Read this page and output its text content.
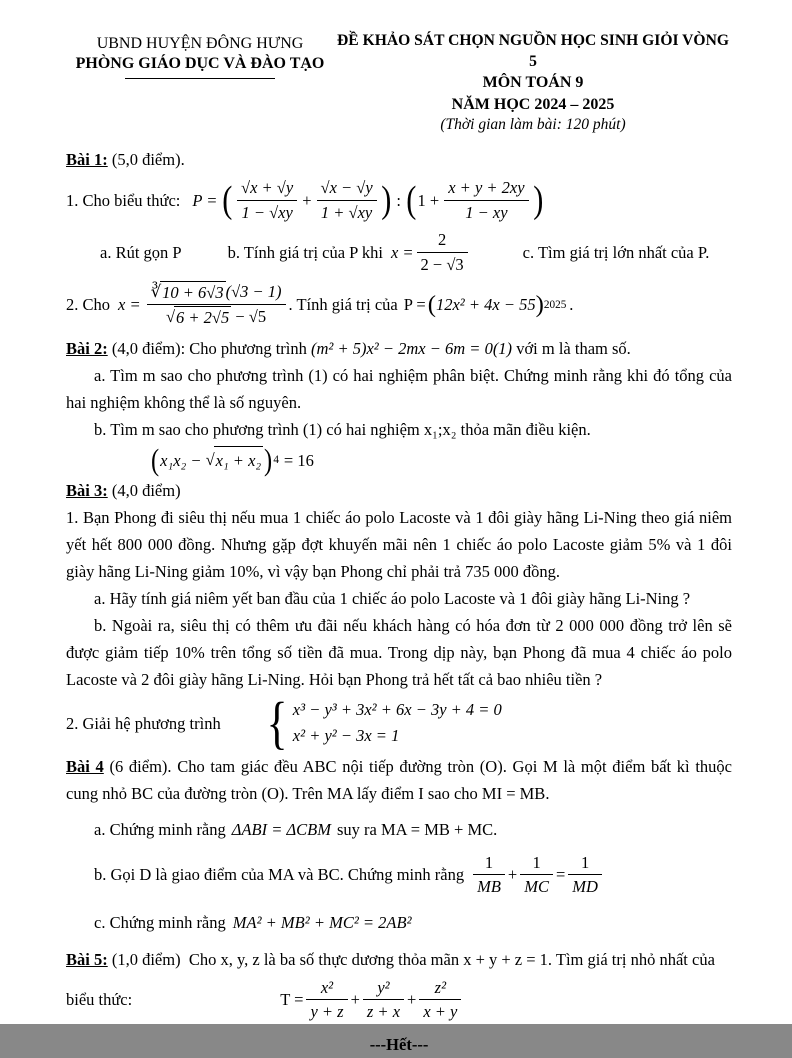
UBND HUYỆN ĐÔNG HƯNG
PHÒNG GIÁO DỤC VÀ ĐÀO TẠO
ĐỀ KHẢO SÁT CHỌN NGUỒN HỌC SINH GIỎI VÒNG 5
MÔN TOÁN 9
NĂM HỌC 2024 – 2025
(Thời gian làm bài: 120 phút)

Bài 1: (5,0 điểm).

1. Cho biểu thức: $P = \frac{√x + √y}{1 - √xy} + \frac{√x - √y}{1 + √xy}$ : $1 + \frac{x + y + 2xy}{1 - xy}$
a. Rút gọn P	b. Tính giá trị của P khi $x = \frac{2}{2 - √3}$	c. Tìm giá trị lớn nhất của P.
2. Cho x = ∛ 10 + 6√3 (√3 − 1)
√ 6 + 2√5 − √5 . Tính giá trị của P = 12x² + 4x − 55 2025 .

Bài 2: (4,0 điểm): Cho phương trình (m² + 5)x² − 2mx − 6m = 0(1) với m là tham số.

a. Tìm m sao cho phương trình (1) có hai nghiệm phân biệt. Chứng minh rằng khi đó tổng của hai nghiệm không thể là số nguyên.

b. Tìm m sao cho phương trình (1) có hai nghiệm x₁;x₂ thỏa mãn điều kiện.

x₁x₂ − √ x₁ + x₂ 4 = 16

Bài 3: (4,0 điểm)

1. Bạn Phong đi siêu thị nếu mua 1 chiếc áo polo Lacoste và 1 đôi giày hãng Li-Ning theo giá niêm yết hết 800 000 đồng. Nhưng gặp đợt khuyến mãi nên 1 chiếc áo polo Lacoste giảm 5% và 1 đôi giày hãng Li-Ning giảm 10%, vì vậy bạn Phong chỉ phải trả 735 000 đồng.

a. Hãy tính giá niêm yết ban đầu của 1 chiếc áo polo Lacoste và 1 đôi giày hãng Li-Ning ?

b. Ngoài ra, siêu thị có thêm ưu đãi nếu khách hàng có hóa đơn từ 2 000 000 đồng trở lên sẽ được giảm tiếp 10% trên tổng số tiền đã mua. Trong dịp này, bạn Phong đã mua 4 chiếc áo polo Lacoste và 2 đôi giày hãng Li-Ning. Hỏi bạn Phong trả hết tất cả bao nhiêu tiền ?

2. Giải hệ phương trình
x³ − y³ + 3x² + 6x − 3y + 4 = 0
x² + y² − 3x = 1

Bài 4 (6 điểm). Cho tam giác đều ABC nội tiếp đường tròn (O). Gọi M là một điểm bất kì thuộc cung nhỏ BC của đường tròn (O). Trên MA lấy điểm I sao cho MI = MB.

a. Chứng minh rằng ΔABI = ΔCBM suy ra MA = MB + MC.
b. Gọi D là giao điểm của MA và BC. Chứng minh rằng $\frac{1}{MB} + \frac{1}{MC} = \frac{1}{MD}$
c. Chứng minh rằng MA² + MB² + MC² = 2AB²

Bài 5: (1,0 điểm)  Cho x, y, z là ba số thực dương thỏa mãn x + y + z = 1. Tìm giá trị nhỏ nhất của

biểu thức:	$T = \frac{\text{x²}}{y + z} + \frac{\text{y²}}{z + x} + \frac{\text{z²}}{x + y}$
---Hết---
